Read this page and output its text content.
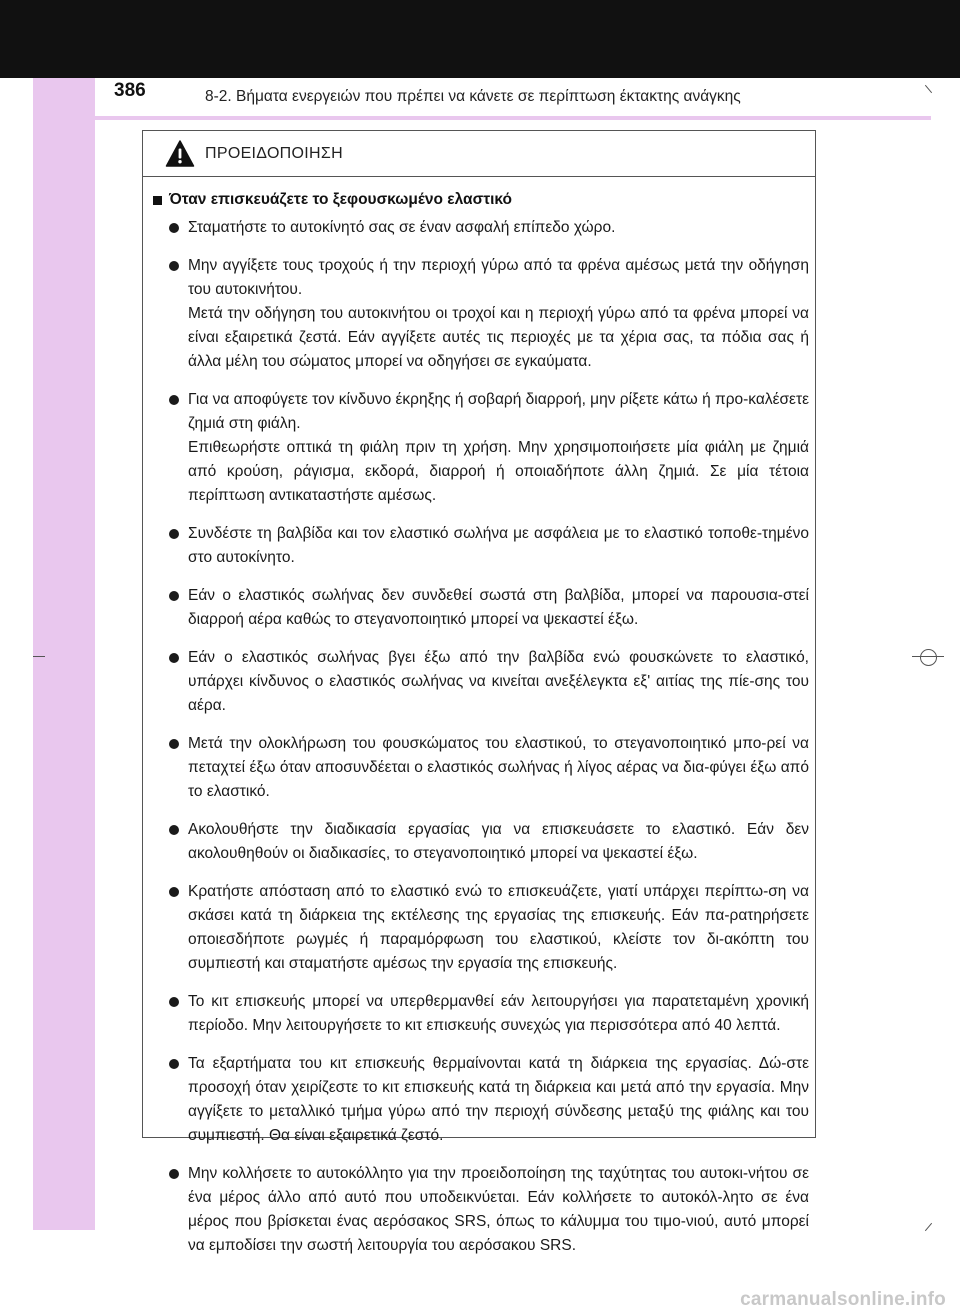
386	8-2. Βήματα ενεργειών που πρέπει να κάνετε σε περίπτωση έκτακτης ανάγκης
ΠΡΟΕΙΔΟΠΟΙΗΣΗ
Όταν επισκευάζετε το ξεφουσκωμένο ελαστικό
Σταματήστε το αυτοκίνητό σας σε έναν ασφαλή επίπεδο χώρο.
Μην αγγίξετε τους τροχούς ή την περιοχή γύρω από τα φρένα αμέσως μετά την οδήγηση του αυτοκινήτου.
Μετά την οδήγηση του αυτοκινήτου οι τροχοί και η περιοχή γύρω από τα φρένα μπορεί να είναι εξαιρετικά ζεστά. Εάν αγγίξετε αυτές τις περιοχές με τα χέρια σας, τα πόδια σας ή άλλα μέλη του σώματος μπορεί να οδηγήσει σε εγκαύματα.
Για να αποφύγετε τον κίνδυνο έκρηξης ή σοβαρή διαρροή, μην ρίξετε κάτω ή προ-καλέσετε ζημιά στη φιάλη.
Επιθεωρήστε οπτικά τη φιάλη πριν τη χρήση. Μην χρησιμοποιήσετε μία φιάλη με ζημιά από κρούση, ράγισμα, εκδορά, διαρροή ή οποιαδήποτε άλλη ζημιά. Σε μία τέτοια περίπτωση αντικαταστήστε αμέσως.
Συνδέστε τη βαλβίδα και τον ελαστικό σωλήνα με ασφάλεια με το ελαστικό τοποθε-τημένο στο αυτοκίνητο.
Εάν ο ελαστικός σωλήνας δεν συνδεθεί σωστά στη βαλβίδα, μπορεί να παρουσια-στεί διαρροή αέρα καθώς το στεγανοποιητικό μπορεί να ψεκαστεί έξω.
Εάν ο ελαστικός σωλήνας βγει έξω από την βαλβίδα ενώ φουσκώνετε το ελαστικό, υπάρχει κίνδυνος ο ελαστικός σωλήνας να κινείται ανεξέλεγκτα εξ' αιτίας της πίε-σης του αέρα.
Μετά την ολοκλήρωση του φουσκώματος του ελαστικού, το στεγανοποιητικό μπο-ρεί να πεταχτεί έξω όταν αποσυνδέεται ο ελαστικός σωλήνας ή λίγος αέρας να δια-φύγει έξω από το ελαστικό.
Ακολουθήστε την διαδικασία εργασίας για να επισκευάσετε το ελαστικό. Εάν δεν ακολουθηθούν οι διαδικασίες, το στεγανοποιητικό μπορεί να ψεκαστεί έξω.
Κρατήστε απόσταση από το ελαστικό ενώ το επισκευάζετε, γιατί υπάρχει περίπτω-ση να σκάσει κατά τη διάρκεια της εκτέλεσης της εργασίας της επισκευής. Εάν πα-ρατηρήσετε οποιεσδήποτε ρωγμές ή παραμόρφωση του ελαστικού, κλείστε τον δι-ακόπτη του συμπιεστή και σταματήστε αμέσως την εργασία της επισκευής.
Το κιτ επισκευής μπορεί να υπερθερμανθεί εάν λειτουργήσει για παρατεταμένη χρονική περίοδο. Μην λειτουργήσετε το κιτ επισκευής συνεχώς για περισσότερα από 40 λεπτά.
Τα εξαρτήματα του κιτ επισκευής θερμαίνονται κατά τη διάρκεια της εργασίας. Δώ-στε προσοχή όταν χειρίζεστε το κιτ επισκευής κατά τη διάρκεια και μετά από την εργασία. Μην αγγίξετε το μεταλλικό τμήμα γύρω από την περιοχή σύνδεσης μεταξύ της φιάλης και του συμπιεστή. Θα είναι εξαιρετικά ζεστό.
Μην κολλήσετε το αυτοκόλλητο για την προειδοποίηση της ταχύτητας του αυτοκι-νήτου σε ένα μέρος άλλο από αυτό που υποδεικνύεται. Εάν κολλήσετε το αυτοκόλ-λητο σε ένα μέρος που βρίσκεται ένας αερόσακος SRS, όπως το κάλυμμα του τιμο-νιού, αυτό μπορεί να εμποδίσει την σωστή λειτουργία του αερόσακου SRS.
carmanualsonline.info
